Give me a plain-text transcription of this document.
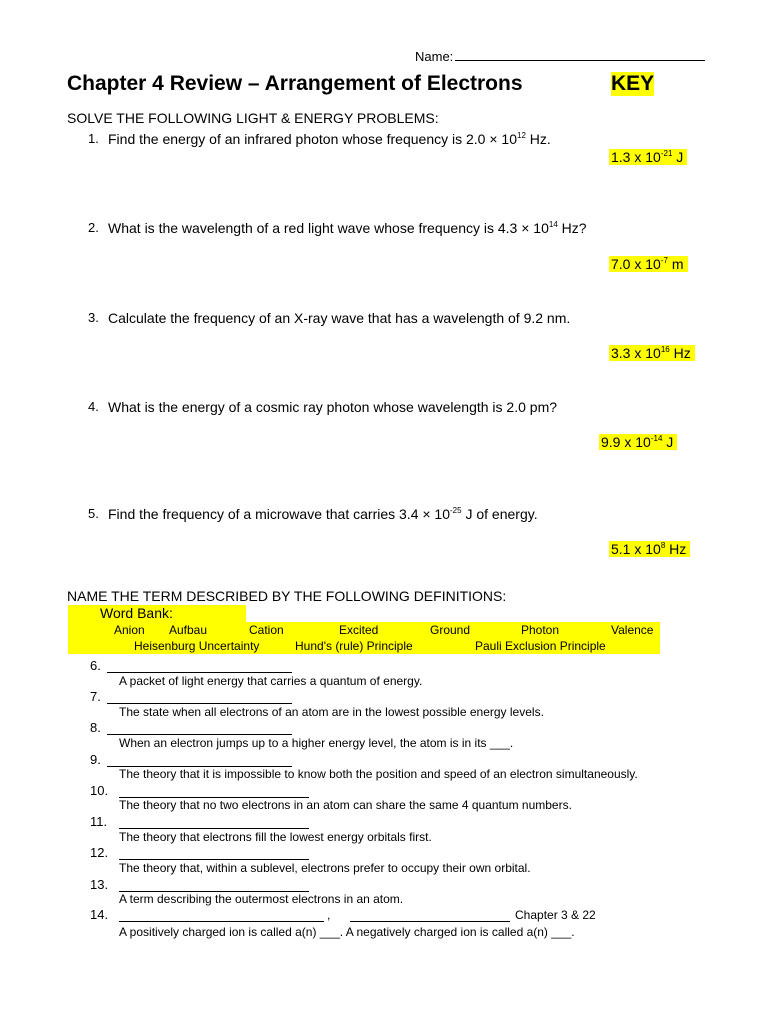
Name:
Chapter 4 Review – Arrangement of Electrons	KEY
SOLVE THE FOLLOWING LIGHT & ENERGY PROBLEMS:
1. Find the energy of an infrared photon whose frequency is $2.0 \times 10^{12}$ Hz.
1.3 x $10^{-21}$ J
2. What is the wavelength of a red light wave whose frequency is $4.3 \times 10^{14}$ Hz?
7.0 x $10^{-7}$ m
3. Calculate the frequency of an X-ray wave that has a wavelength of 9.2 nm.
3.3 x $10^{16}$ Hz
4. What is the energy of a cosmic ray photon whose wavelength is 2.0 pm?
9.9 x $10^{-14}$ J
5. Find the frequency of a microwave that carries $3.4 \times 10^{-25}$ J of energy.
5.1 x $10^8$ Hz
NAME THE TERM DESCRIBED BY THE FOLLOWING DEFINITIONS:
Word Bank:
Anion Aufbau	Cation	Excited	Ground	Photon	Valence
Heisenburg Uncertainty	Hund's (rule) Principle	Pauli Exclusion Principle
6.
A packet of light energy that carries a quantum of energy.
7.
The state when all electrons of an atom are in the lowest possible energy levels.
8.
When an electron jumps up to a higher energy level, the atom is in its ___.
9.
The theory that it is impossible to know both the position and speed of an electron simultaneously.
10.
The theory that no two electrons in an atom can share the same 4 quantum numbers.
11.
The theory that electrons fill the lowest energy orbitals first.
12.
The theory that, within a sublevel, electrons prefer to occupy their own orbital.
13.
A term describing the outermost electrons in an atom.
14.	,	Chapter 3 & 22
A positively charged ion is called a(n) ___. A negatively charged ion is called a(n) ___.
